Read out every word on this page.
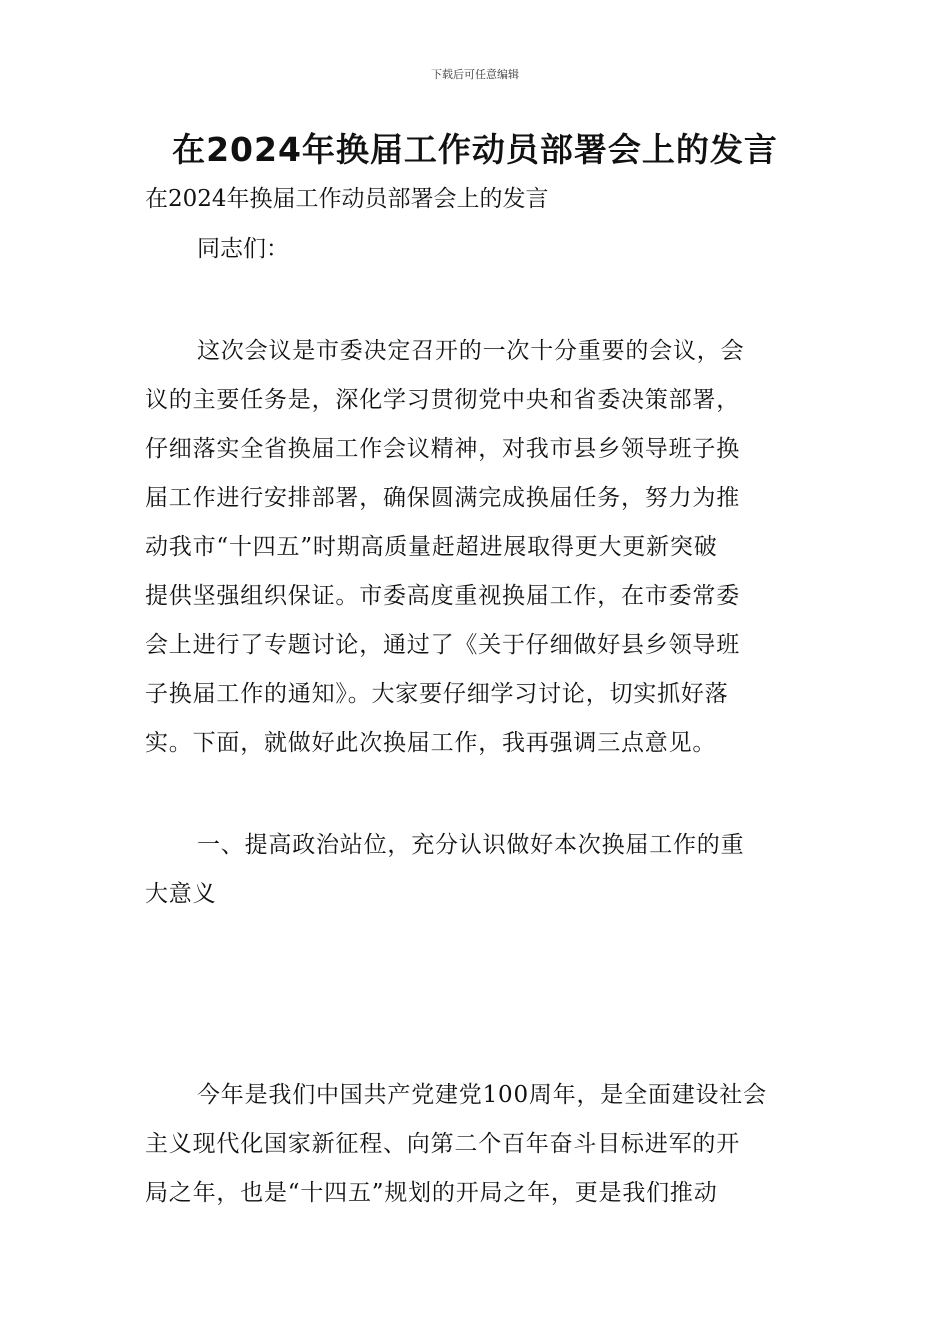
下载后可任意编辑
在2024年换届工作动员部署会上的发言
在2024年换届工作动员部署会上的发言
同志们：
这次会议是市委决定召开的一次十分重要的会议，会
议的主要任务是，深化学习贯彻党中央和省委决策部署，
仔细落实全省换届工作会议精神，对我市县乡领导班子换
届工作进行安排部署，确保圆满完成换届任务，努力为推
动我市“十四五”时期高质量赶超进展取得更大更新突破
提供坚强组织保证。市委高度重视换届工作，在市委常委
会上进行了专题讨论，通过了《关于仔细做好县乡领导班
子换届工作的通知》。大家要仔细学习讨论，切实抓好落
实。下面，就做好此次换届工作，我再强调三点意见。
一、提高政治站位，充分认识做好本次换届工作的重
大意义
今年是我们中国共产党建党100周年，是全面建设社会
主义现代化国家新征程、向第二个百年奋斗目标进军的开
局之年，也是“十四五”规划的开局之年，更是我们推动
